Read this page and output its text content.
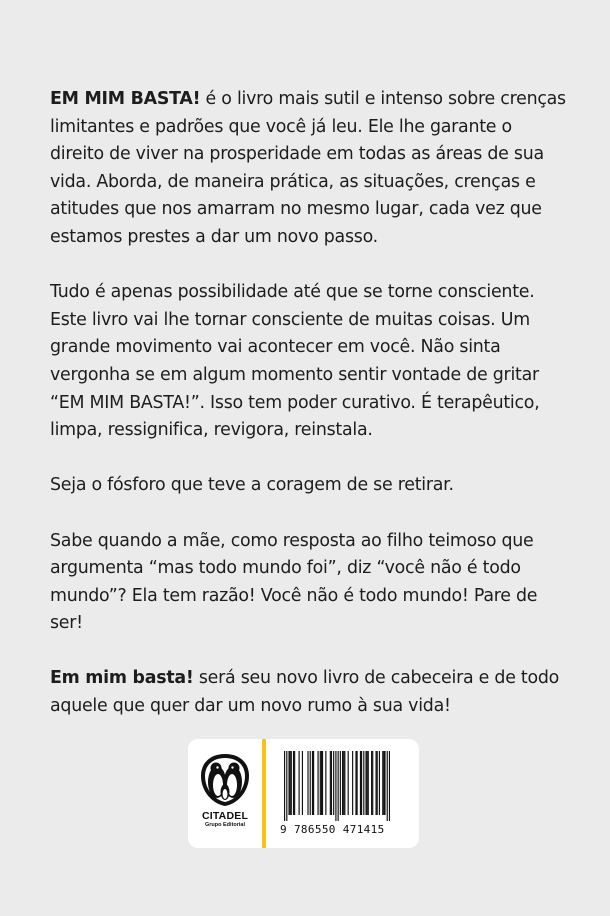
EM MIM BASTA! é o livro mais sutil e intenso sobre crenças limitantes e padrões que você já leu. Ele lhe garante o direito de viver na prosperidade em todas as áreas de sua vida. Aborda, de maneira prática, as situações, crenças e atitudes que nos amarram no mesmo lugar, cada vez que estamos prestes a dar um novo passo.

Tudo é apenas possibilidade até que se torne consciente. Este livro vai lhe tornar consciente de muitas coisas. Um grande movimento vai acontecer em você. Não sinta vergonha se em algum momento sentir vontade de gritar “EM MIM BASTA!”. Isso tem poder curativo. É terapêutico, limpa, ressignifica, revigora, reinstala.

Seja o fósforo que teve a coragem de se retirar.

Sabe quando a mãe, como resposta ao filho teimoso que argumenta “mas todo mundo foi”, diz “você não é todo mundo”? Ela tem razão! Você não é todo mundo! Pare de ser!

Em mim basta! será seu novo livro de cabeceira e de todo aquele que quer dar um novo rumo à sua vida!

CITADEL
Grupo Editorial	9 786550 471415
